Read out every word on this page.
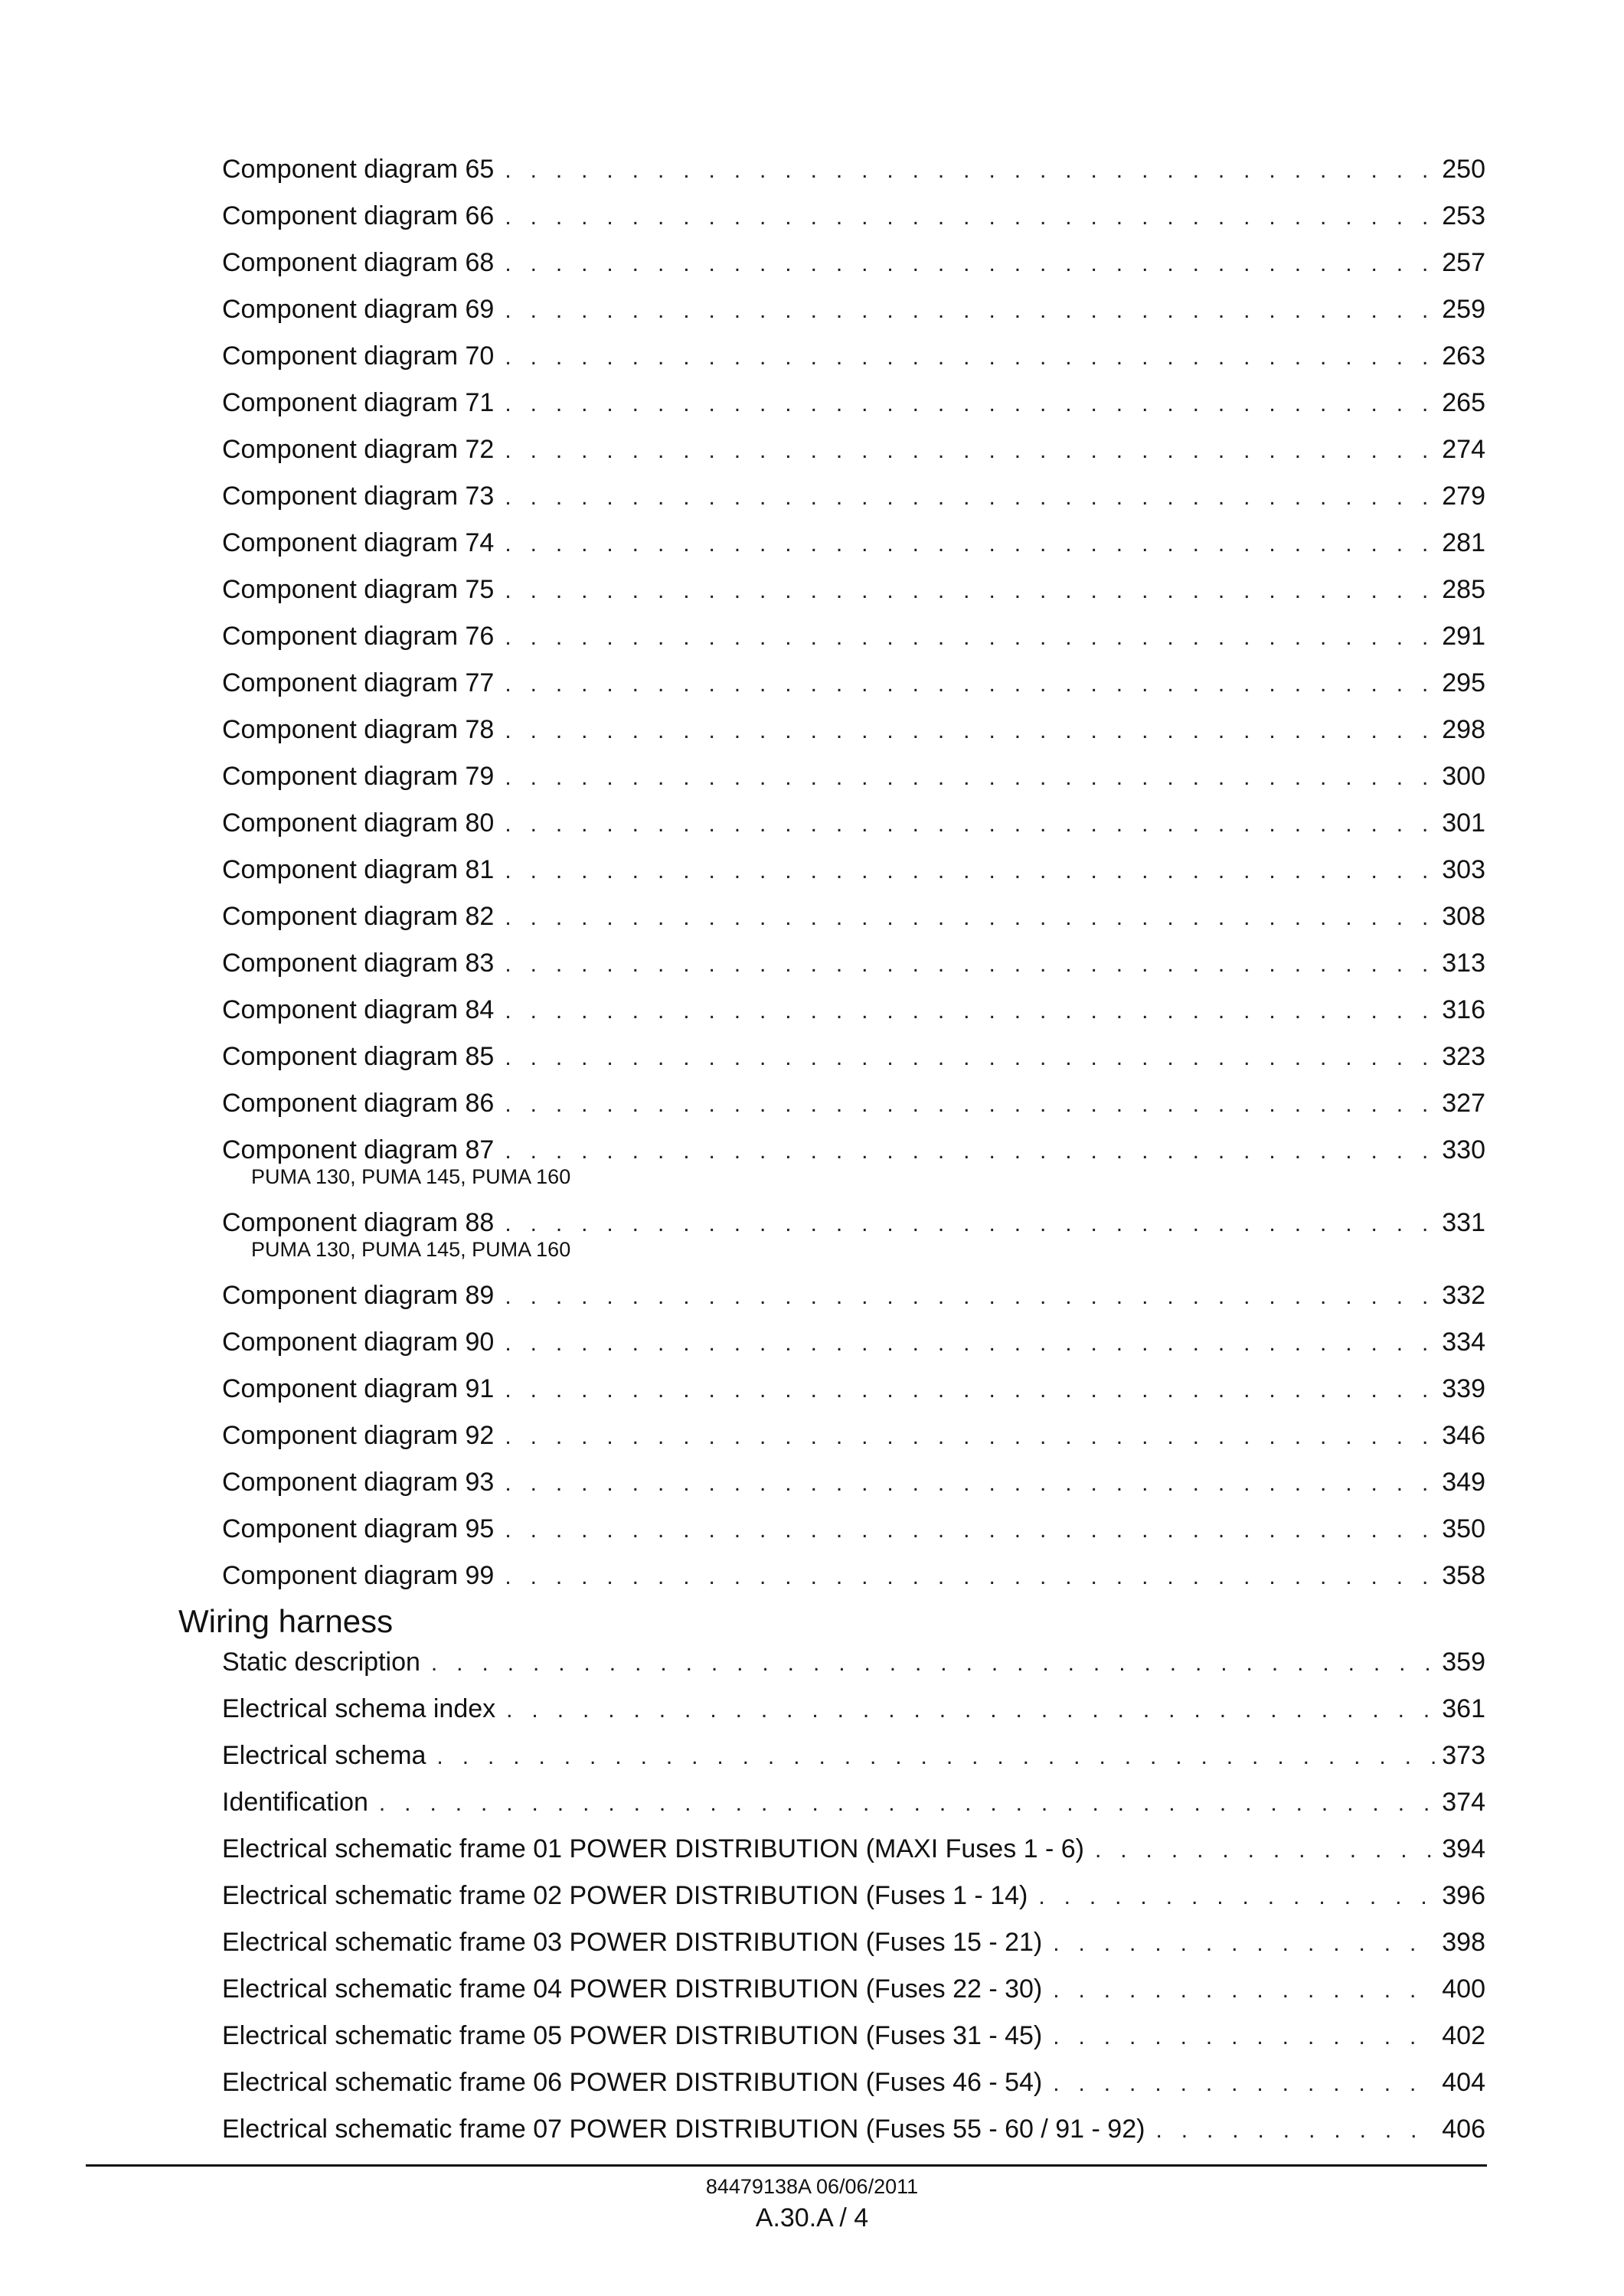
Component diagram 65 . . .	250
Component diagram 66 . . .	253
Component diagram 68 . . .	257
Component diagram 69 . . .	259
Component diagram 70 . . .	263
Component diagram 71 . . .	265
Component diagram 72 . . .	274
Component diagram 73 . . .	279
Component diagram 74 . . .	281
Component diagram 75 . . .	285
Component diagram 76 . . .	291
Component diagram 77 . . .	295
Component diagram 78 . . .	298
Component diagram 79 . . .	300
Component diagram 80 . . .	301
Component diagram 81 . . .	303
Component diagram 82 . . .	308
Component diagram 83 . . .	313
Component diagram 84 . . .	316
Component diagram 85 . . .	323
Component diagram 86 . . .	327
Component diagram 87 . . .	330
PUMA 130, PUMA 145, PUMA 160
Component diagram 88 . . .	331
PUMA 130, PUMA 145, PUMA 160
Component diagram 89 . . .	332
Component diagram 90 . . .	334
Component diagram 91 . . .	339
Component diagram 92 . . .	346
Component diagram 93 . . .	349
Component diagram 95 . . .	350
Component diagram 99 . . .	358
Wiring harness
Static description . . .	359
Electrical schema index . . .	361
Electrical schema . . .	373
Identification . . .	374
Electrical schematic frame 01 POWER DISTRIBUTION (MAXI Fuses 1 - 6) . . .	394
Electrical schematic frame 02 POWER DISTRIBUTION (Fuses 1 - 14) . . .	396
Electrical schematic frame 03 POWER DISTRIBUTION (Fuses 15 - 21) . . .	398
Electrical schematic frame 04 POWER DISTRIBUTION (Fuses 22 - 30) . . .	400
Electrical schematic frame 05 POWER DISTRIBUTION (Fuses 31 - 45) . . .	402
Electrical schematic frame 06 POWER DISTRIBUTION (Fuses 46 - 54) . . .	404
Electrical schematic frame 07 POWER DISTRIBUTION (Fuses 55 - 60 / 91 - 92) . . .	406
84479138A 06/06/2011
A.30.A / 4
